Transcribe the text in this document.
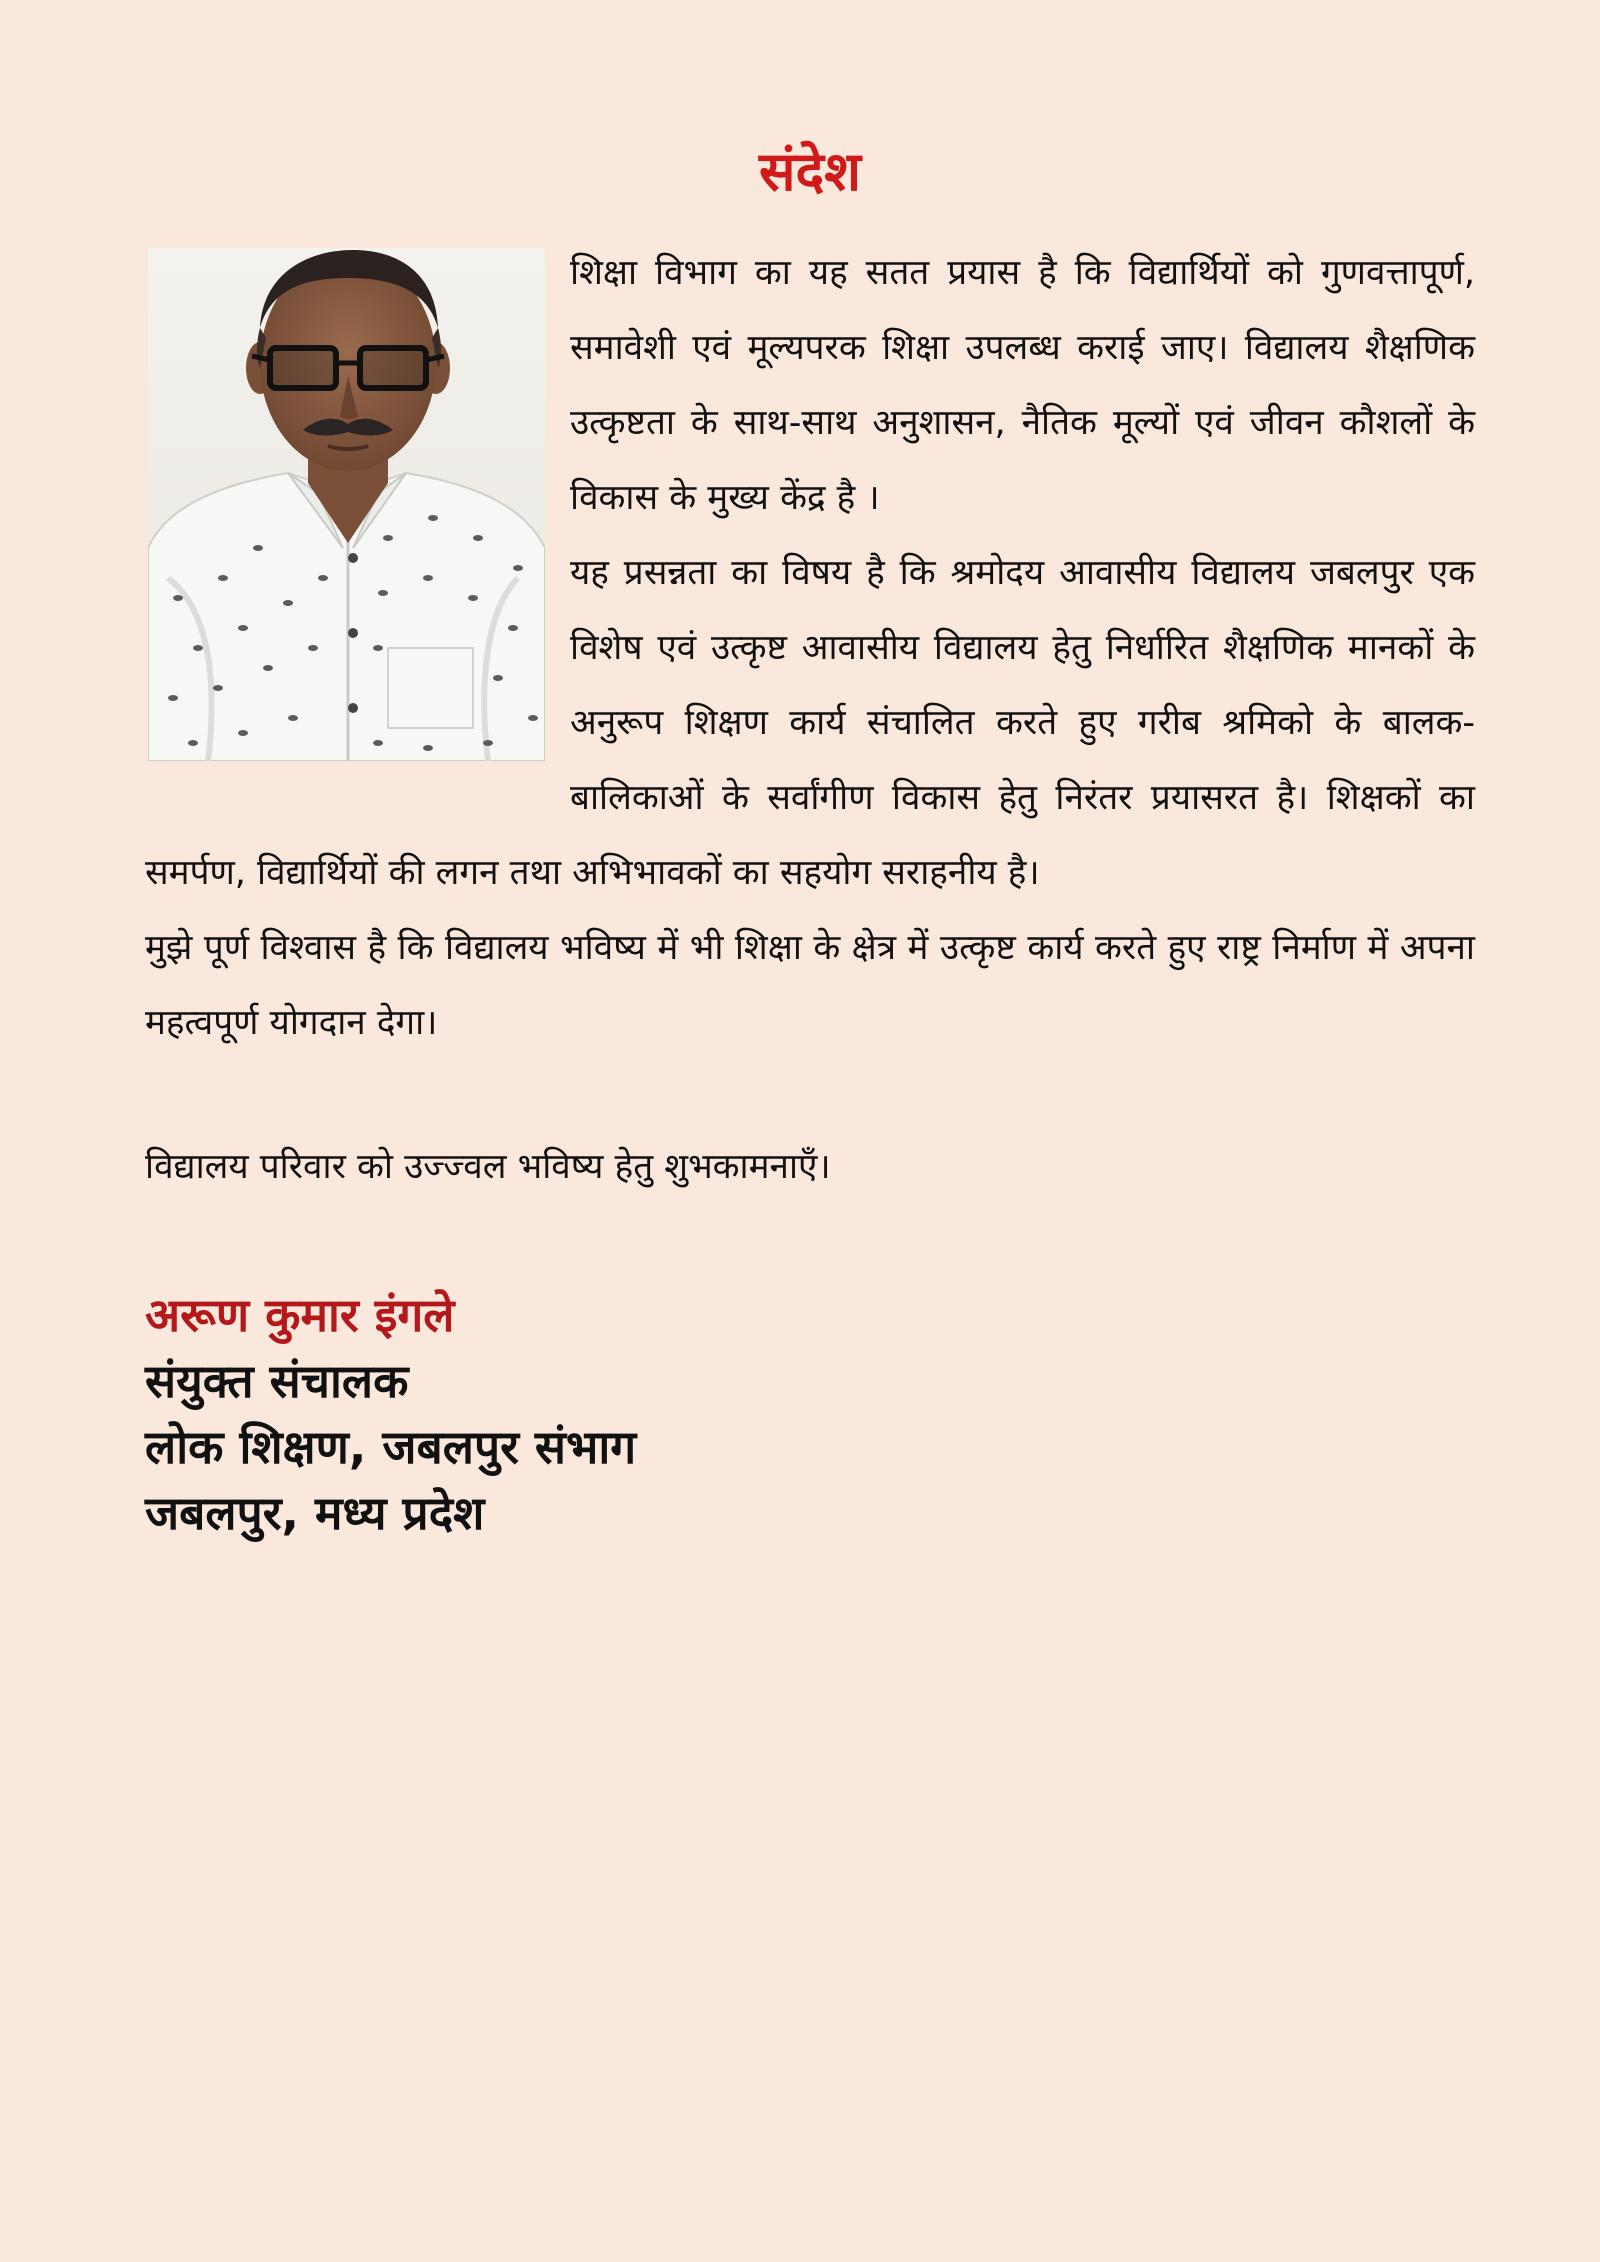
संदेश

शिक्षा विभाग का यह सतत प्रयास है कि विद्यार्थियों को गुणवत्तापूर्ण, समावेशी एवं मूल्यपरक शिक्षा उपलब्ध कराई जाए। विद्यालय शैक्षणिक उत्कृष्टता के साथ-साथ अनुशासन, नैतिक मूल्यों एवं जीवन कौशलों के विकास के मुख्य केंद्र है ।

यह प्रसन्नता का विषय है कि श्रमोदय आवासीय विद्यालय जबलपुर एक विशेष एवं उत्कृष्ट आवासीय विद्यालय हेतु निर्धारित शैक्षणिक मानकों के अनुरूप शिक्षण कार्य संचालित करते हुए गरीब श्रमिको के बालक-बालिकाओं के सर्वांगीण विकास हेतु निरंतर प्रयासरत है। शिक्षकों का समर्पण, विद्यार्थियों की लगन तथा अभिभावकों का सहयोग सराहनीय है।

मुझे पूर्ण विश्वास है कि विद्यालय भविष्य में भी शिक्षा के क्षेत्र में उत्कृष्ट कार्य करते हुए राष्ट्र निर्माण में अपना महत्वपूर्ण योगदान देगा।

विद्यालय परिवार को उज्ज्वल भविष्य हेतु शुभकामनाएँ।

अरूण कुमार इंगले
संयुक्त संचालक
लोक शिक्षण, जबलपुर संभाग
जबलपुर, मध्य प्रदेश
